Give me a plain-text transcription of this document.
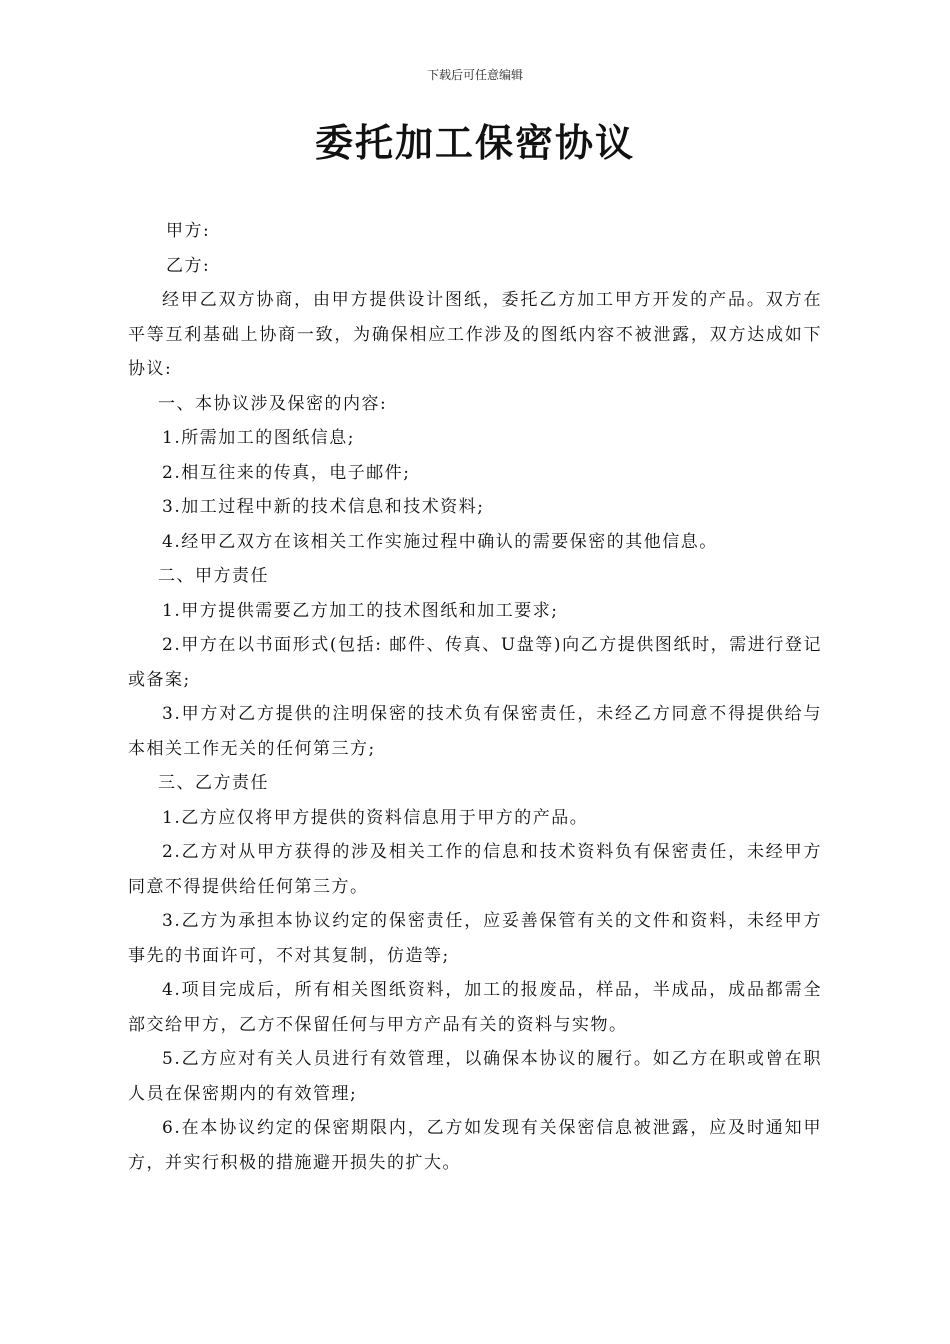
下载后可任意编辑
委托加工保密协议

甲方:

乙方:

经甲乙双方协商，由甲方提供设计图纸，委托乙方加工甲方开发的产品。双方在平等互利基础上协商一致，为确保相应工作涉及的图纸内容不被泄露，双方达成如下协议:

一、本协议涉及保密的内容:

1.所需加工的图纸信息;

2.相互往来的传真，电子邮件;

3.加工过程中新的技术信息和技术资料;

4.经甲乙双方在该相关工作实施过程中确认的需要保密的其他信息。

二、甲方责任

1.甲方提供需要乙方加工的技术图纸和加工要求;

2.甲方在以书面形式(包括: 邮件、传真、U盘等)向乙方提供图纸时，需进行登记或备案;

3.甲方对乙方提供的注明保密的技术负有保密责任，未经乙方同意不得提供给与本相关工作无关的任何第三方;

三、乙方责任

1.乙方应仅将甲方提供的资料信息用于甲方的产品。

2.乙方对从甲方获得的涉及相关工作的信息和技术资料负有保密责任，未经甲方同意不得提供给任何第三方。

3.乙方为承担本协议约定的保密责任，应妥善保管有关的文件和资料，未经甲方事先的书面许可，不对其复制，仿造等;

4.项目完成后，所有相关图纸资料，加工的报废品，样品，半成品，成品都需全部交给甲方，乙方不保留任何与甲方产品有关的资料与实物。

5.乙方应对有关人员进行有效管理，以确保本协议的履行。如乙方在职或曾在职人员在保密期内的有效管理;

6.在本协议约定的保密期限内，乙方如发现有关保密信息被泄露，应及时通知甲方，并实行积极的措施避开损失的扩大。
